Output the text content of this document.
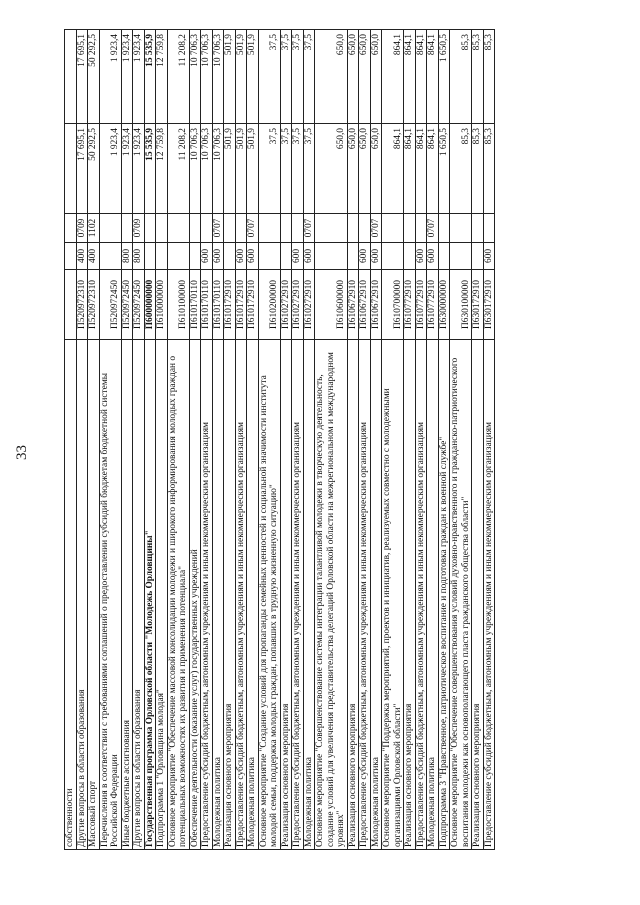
33
собственности					
Другие вопросы в области образования	П520972310	400	0709	17 695,1	17 695,1
Массовый спорт	П520972310	400	1102	50 292,5	50 292,5
Перечисления в соответствии с требованиями соглашений о предоставлении субсидий бюджетам бюджетной системы Российской Федерации	П520972450			1 923,4	1 923,4
Иные бюджетные ассигнования	П520972450	800		1 923,4	1 923,4
Другие вопросы в области образования	П520972450	800	0709	1 923,4	1 923,4
Государственная программа Орловской области "Молодежь Орловщины"	П600000000			15 535,9	15 535,9
Подпрограмма 1 "Орловщина молодая"	П610000000			12 759,8	12 759,8
Основное мероприятие "Обеспечение массовой консолидации молодежи и широкого информирования молодых граждан о потенциальных возможностях их развития и применения потенциала"	П610100000			11 208,2	11 208,2
Обеспечение деятельности (оказание услуг) государственных учреждений	П610170110			10 706,3	10 706,3
Предоставление субсидий бюджетным, автономным учреждениям и иным некоммерческим организациям	П610170110	600		10 706,3	10 706,3
Молодежная политика	П610170110	600	0707	10 706,3	10 706,3
Реализация основного мероприятия	П610172910			501,9	501,9
Предоставление субсидий бюджетным, автономным учреждениям и иным некоммерческим организациям	П610172910	600		501,9	501,9
Молодежная политика	П610172910	600	0707	501,9	501,9
Основное мероприятие "Создание условий для пропаганды семейных ценностей и социальной значимости института молодой семьи, поддержка молодых граждан, попавших в трудную жизненную ситуацию"	П610200000			37,5	37,5
Реализация основного мероприятия	П610272910			37,5	37,5
Предоставление субсидий бюджетным, автономным учреждениям и иным некоммерческим организациям	П610272910	600		37,5	37,5
Молодежная политика	П610272910	600	0707	37,5	37,5
Основное мероприятие "Совершенствование системы интеграции талантливой молодежи в творческую деятельность, создание условий для увеличения представительства делегаций Орловской области на межрегиональном и международном уровнях"	П610600000			650,0	650,0
Реализация основного мероприятия	П610672910			650,0	650,0
Предоставление субсидий бюджетным, автономным учреждениям и иным некоммерческим организациям	П610672910	600		650,0	650,0
Молодежная политика	П610672910	600	0707	650,0	650,0
Основное мероприятие "Поддержка мероприятий, проектов и инициатив, реализуемых совместно с молодежными организациями Орловской области"	П610700000			864,1	864,1
Реализация основного мероприятия	П610772910			864,1	864,1
Предоставление субсидий бюджетным, автономным учреждениям и иным некоммерческим организациям	П610772910	600		864,1	864,1
Молодежная политика	П610772910	600	0707	864,1	864,1
Подпрограмма 3 "Нравственное, патриотическое воспитание и подготовка граждан к военной службе"	П630000000			1 650,5	1 650,5
Основное мероприятие "Обеспечение совершенствования условий духовно-нравственного и гражданско-патриотического воспитания молодежи как основополагающего пласта гражданского общества области"	П630100000			85,3	85,3
Реализация основного мероприятия	П630172910			85,3	85,3
Предоставление субсидий бюджетным, автономным учреждениям и иным некоммерческим организациям	П630172910	600		85,3	85,3
